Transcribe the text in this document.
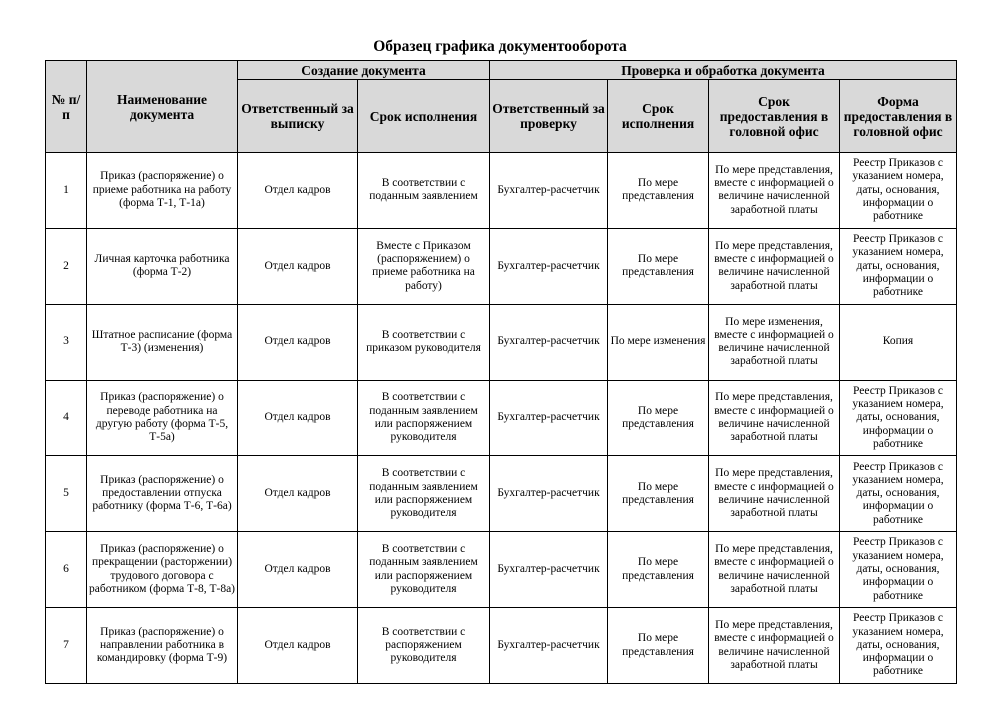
Образец графика документооборота
№ п/п	Наименование документа	Создание документа		Проверка и обработка документа			
		Ответственный за выписку	Срок исполнения	Ответственный за проверку	Срок исполнения	Срок предоставления в головной офис	Форма предоставления в головной офис
1	Приказ (распоряжение) о приеме работника на работу (форма Т-1, Т-1а)	Отдел кадров	В соответствии с поданным заявлением	Бухгалтер-расчетчик	По мере представления	По мере представления, вместе с информацией о величине начисленной заработной платы	Реестр Приказов с указанием номера, даты, основания, информации о работнике
2	Личная карточка работника (форма Т-2)	Отдел кадров	Вместе с Приказом (распоряжением) о приеме работника на работу)	Бухгалтер-расчетчик	По мере представления	По мере представления, вместе с информацией о величине начисленной заработной платы	Реестр Приказов с указанием номера, даты, основания, информации о работнике
3	Штатное расписание (форма Т-3) (изменения)	Отдел кадров	В соответствии с приказом руководителя	Бухгалтер-расчетчик	По мере изменения	По мере изменения, вместе с информацией о величине начисленной заработной платы	Копия
4	Приказ (распоряжение) о переводе работника на другую работу (форма Т-5, Т-5а)	Отдел кадров	В соответствии с поданным заявлением или распоряжением руководителя	Бухгалтер-расчетчик	По мере представления	По мере представления, вместе с информацией о величине начисленной заработной платы	Реестр Приказов с указанием номера, даты, основания, информации о работнике
5	Приказ (распоряжение) о предоставлении отпуска работнику (форма Т-6, Т-6а)	Отдел кадров	В соответствии с поданным заявлением или распоряжением руководителя	Бухгалтер-расчетчик	По мере представления	По мере представления, вместе с информацией о величине начисленной заработной платы	Реестр Приказов с указанием номера, даты, основания, информации о работнике
6	Приказ (распоряжение) о прекращении (расторжении) трудового договора с работником (форма Т-8, Т-8а)	Отдел кадров	В соответствии с поданным заявлением или распоряжением руководителя	Бухгалтер-расчетчик	По мере представления	По мере представления, вместе с информацией о величине начисленной заработной платы	Реестр Приказов с указанием номера, даты, основания, информации о работнике
7	Приказ (распоряжение) о направлении работника в командировку (форма Т-9)	Отдел кадров	В соответствии с распоряжением руководителя	Бухгалтер-расчетчик	По мере представления	По мере представления, вместе с информацией о величине начисленной заработной платы	Реестр Приказов с указанием номера, даты, основания, информации о работнике
